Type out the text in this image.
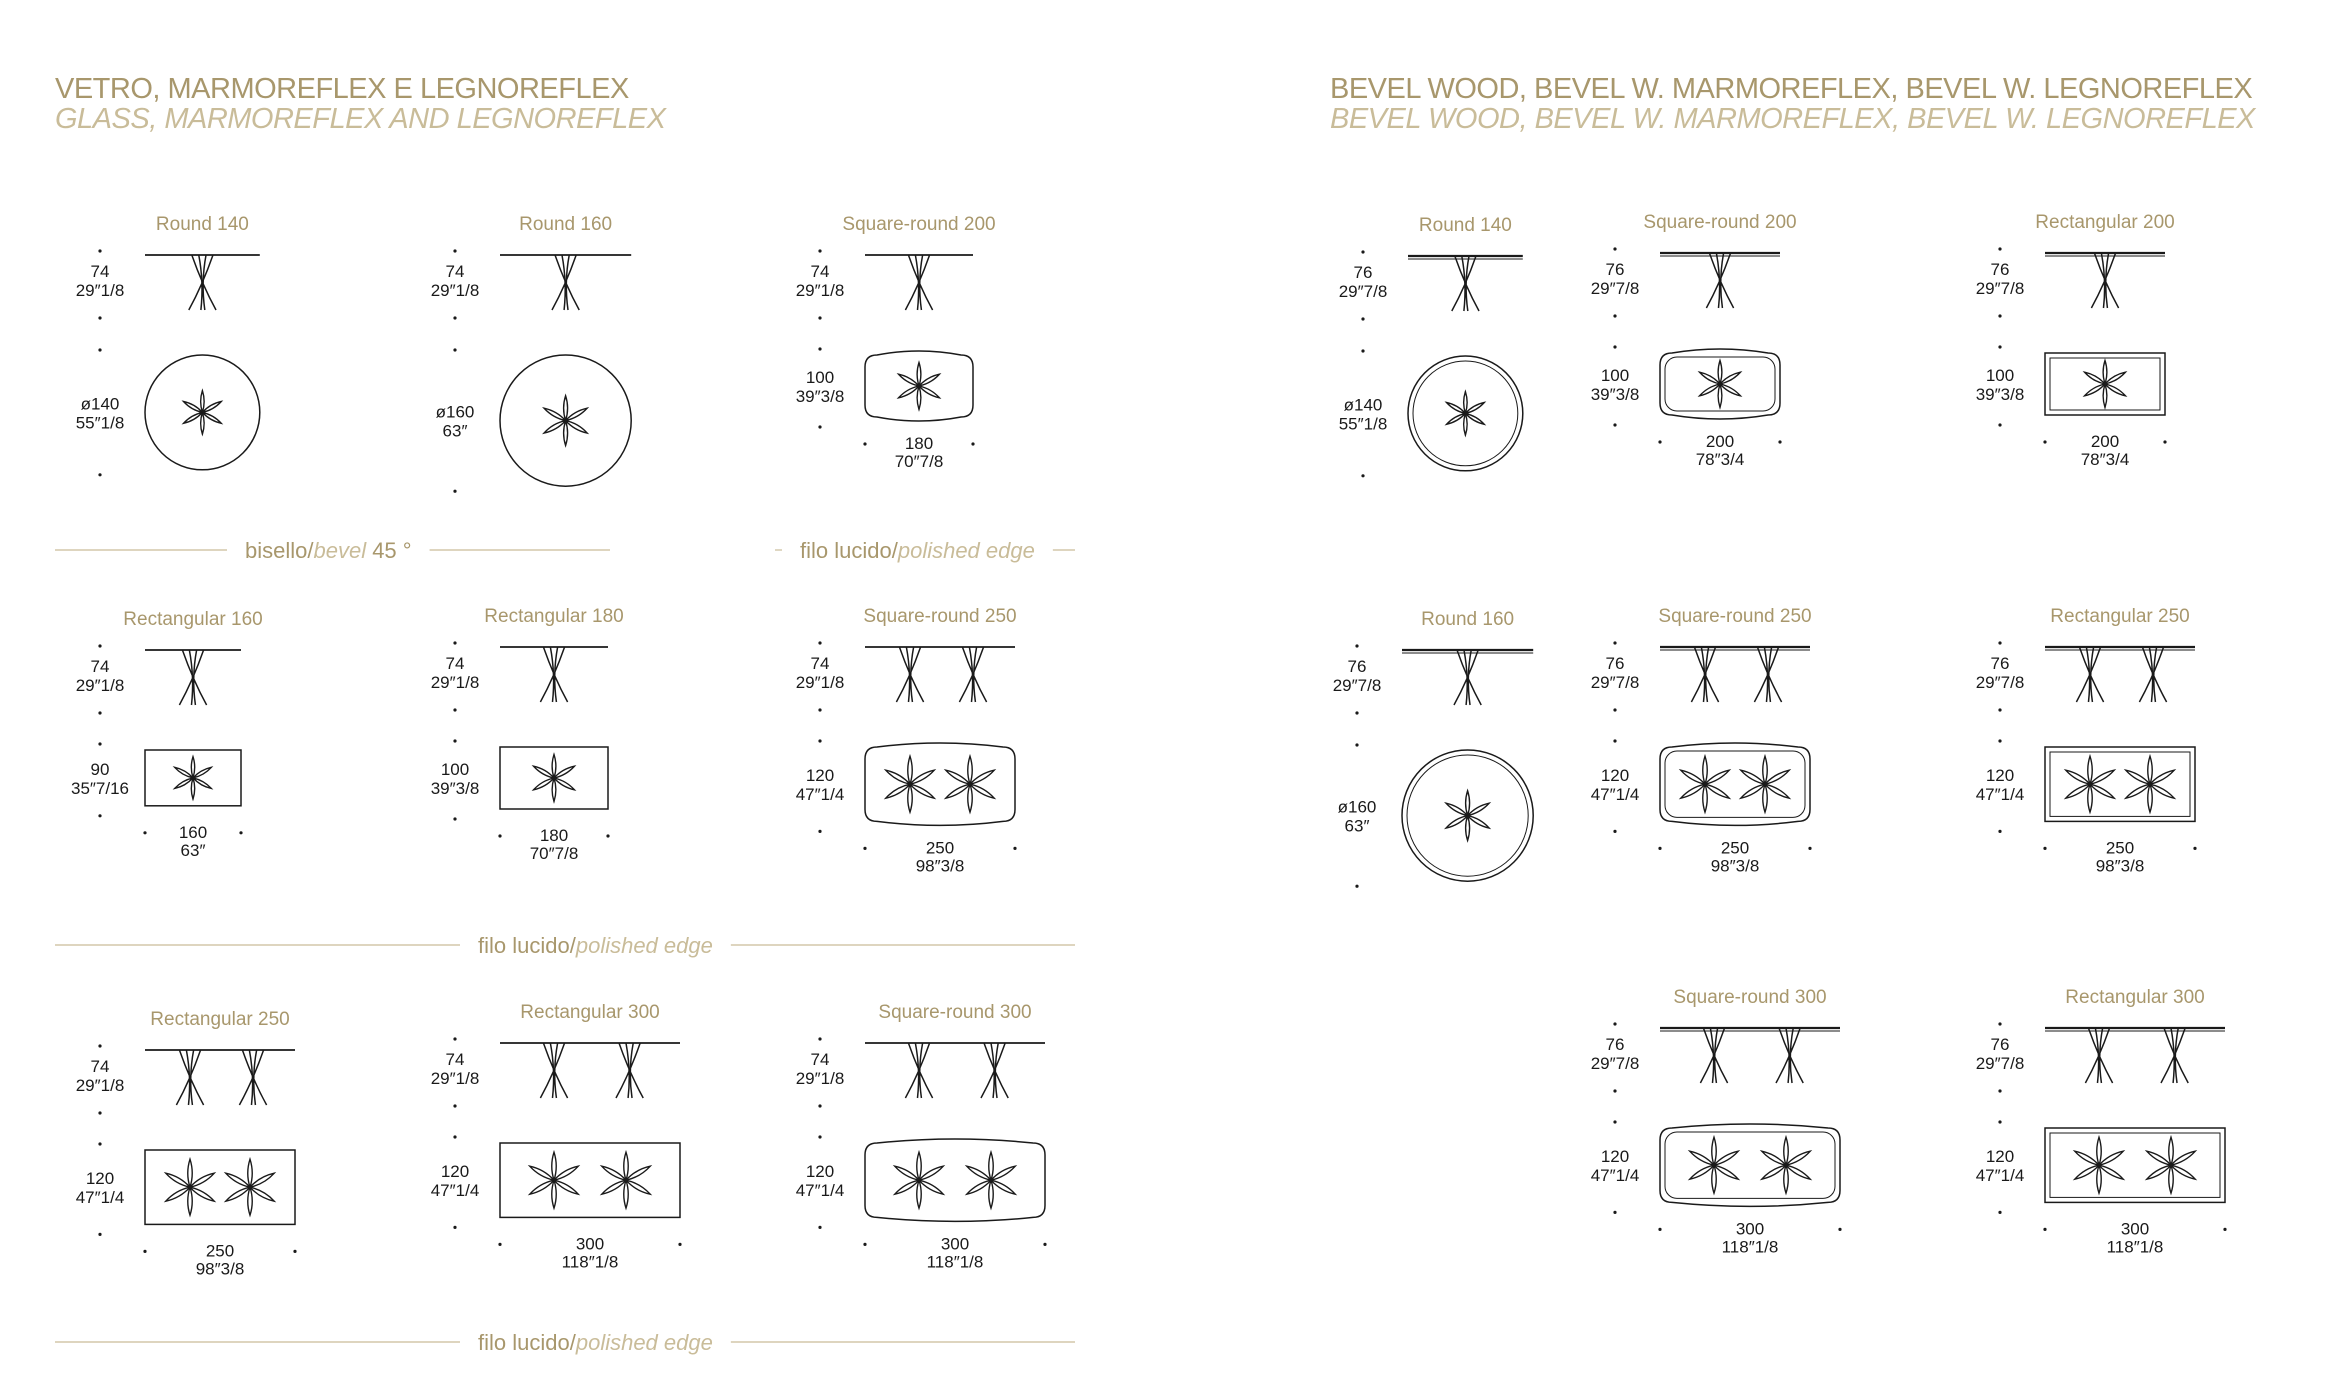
VETRO, MARMOREFLEX E LEGNOREFLEX
GLASS, MARMOREFLEX AND LEGNOREFLEX
BEVEL WOOD, BEVEL W. MARMOREFLEX, BEVEL W. LEGNOREFLEX
BEVEL WOOD, BEVEL W. MARMOREFLEX, BEVEL W. LEGNOREFLEX
Round 140
74
29″1/8
ø140
55″1/8
Round 160
74
29″1/8
ø160
63″
Square-round 200
74
29″1/8
100
39″3/8
180
70″7/8
Rectangular 160
74
29″1/8
90
35″7/16
160
63″
Rectangular 180
74
29″1/8
100
39″3/8
180
70″7/8
Square-round 250
74
29″1/8
120
47″1/4
250
98″3/8
Rectangular 250
74
29″1/8
120
47″1/4
250
98″3/8
Rectangular 300
74
29″1/8
120
47″1/4
300
118″1/8
Square-round 300
74
29″1/8
120
47″1/4
300
118″1/8
Round 140
76
29″7/8
ø140
55″1/8
Square-round 200
76
29″7/8
100
39″3/8
200
78″3/4
Rectangular 200
76
29″7/8
100
39″3/8
200
78″3/4
Round 160
76
29″7/8
ø160
63″
Square-round 250
76
29″7/8
120
47″1/4
250
98″3/8
Rectangular 250
76
29″7/8
120
47″1/4
250
98″3/8
Square-round 300
76
29″7/8
120
47″1/4
300
118″1/8
Rectangular 300
76
29″7/8
120
47″1/4
300
118″1/8
bisello/bevel 45 °	filo lucido/polished edge
filo lucido/polished edge
filo lucido/polished edge
